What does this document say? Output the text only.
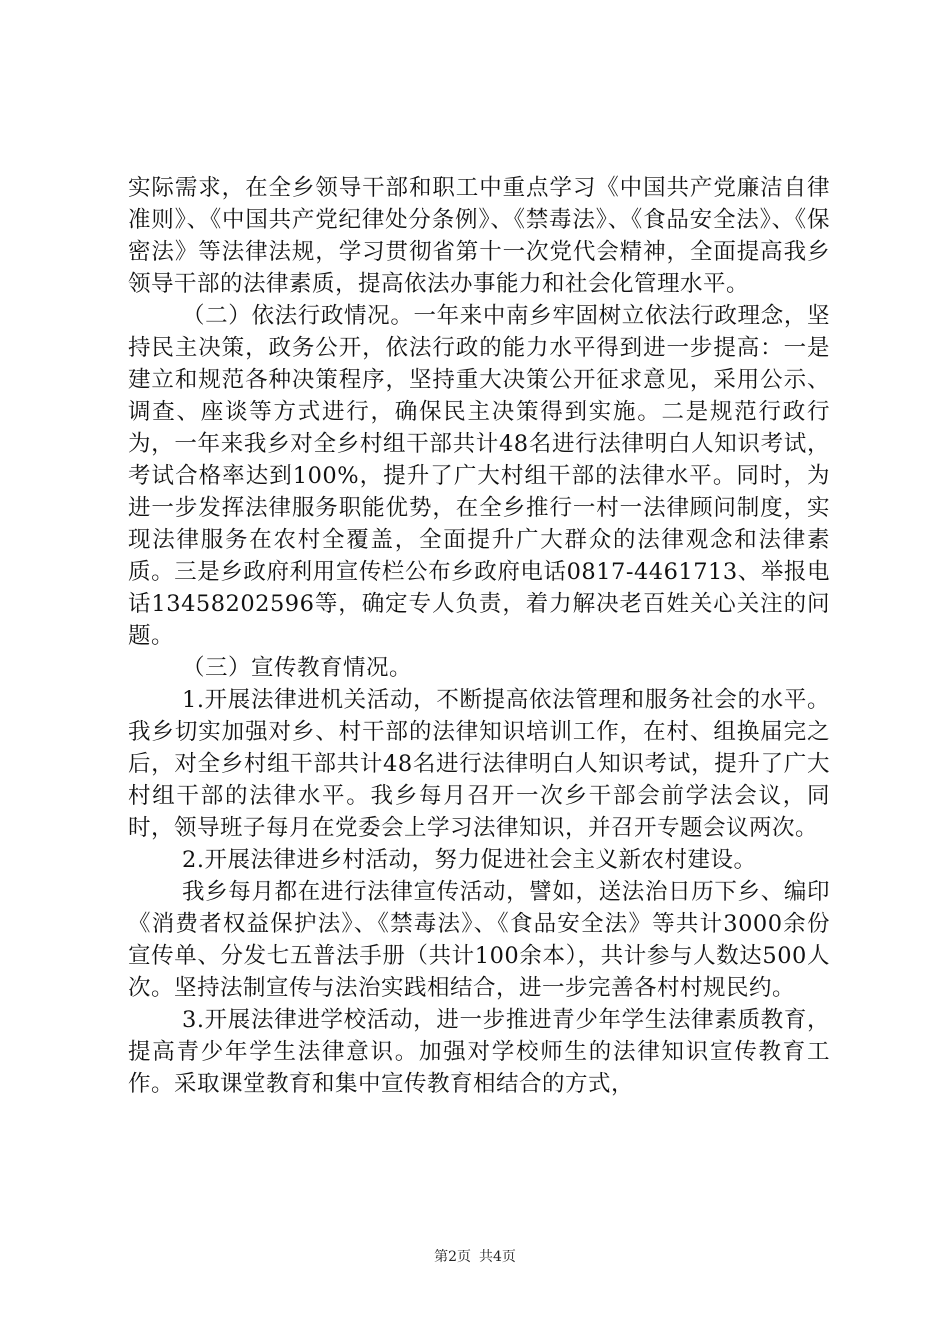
实际需求，在全乡领导干部和职工中重点学习《中国共产党廉洁自律准则》、《中国共产党纪律处分条例》、《禁毒法》、《食品安全法》、《保密法》等法律法规，学习贯彻省第十一次党代会精神，全面提高我乡领导干部的法律素质，提高依法办事能力和社会化管理水平。

（二）依法行政情况。一年来中南乡牢固树立依法行政理念，坚持民主决策，政务公开，依法行政的能力水平得到进一步提高：一是建立和规范各种决策程序，坚持重大决策公开征求意见，采用公示、调查、座谈等方式进行，确保民主决策得到实施。二是规范行政行为，一年来我乡对全乡村组干部共计48名进行法律明白人知识考试，考试合格率达到100%，提升了广大村组干部的法律水平。同时，为进一步发挥法律服务职能优势，在全乡推行一村一法律顾问制度，实现法律服务在农村全覆盖，全面提升广大群众的法律观念和法律素质。三是乡政府利用宣传栏公布乡政府电话0817-4461713、举报电话13458202596等，确定专人负责，着力解决老百姓关心关注的问题。

（三）宣传教育情况。

1.开展法律进机关活动，不断提高依法管理和服务社会的水平。我乡切实加强对乡、村干部的法律知识培训工作，在村、组换届完之后，对全乡村组干部共计48名进行法律明白人知识考试，提升了广大村组干部的法律水平。我乡每月召开一次乡干部会前学法会议，同时，领导班子每月在党委会上学习法律知识，并召开专题会议两次。

2.开展法律进乡村活动，努力促进社会主义新农村建设。

我乡每月都在进行法律宣传活动，譬如，送法治日历下乡、编印《消费者权益保护法》、《禁毒法》、《食品安全法》等共计3000余份宣传单、分发七五普法手册（共计100余本），共计参与人数达500人次。坚持法制宣传与法治实践相结合，进一步完善各村村规民约。

3.开展法律进学校活动，进一步推进青少年学生法律素质教育，提高青少年学生法律意识。加强对学校师生的法律知识宣传教育工作。采取课堂教育和集中宣传教育相结合的方式，

第2页 共4页
